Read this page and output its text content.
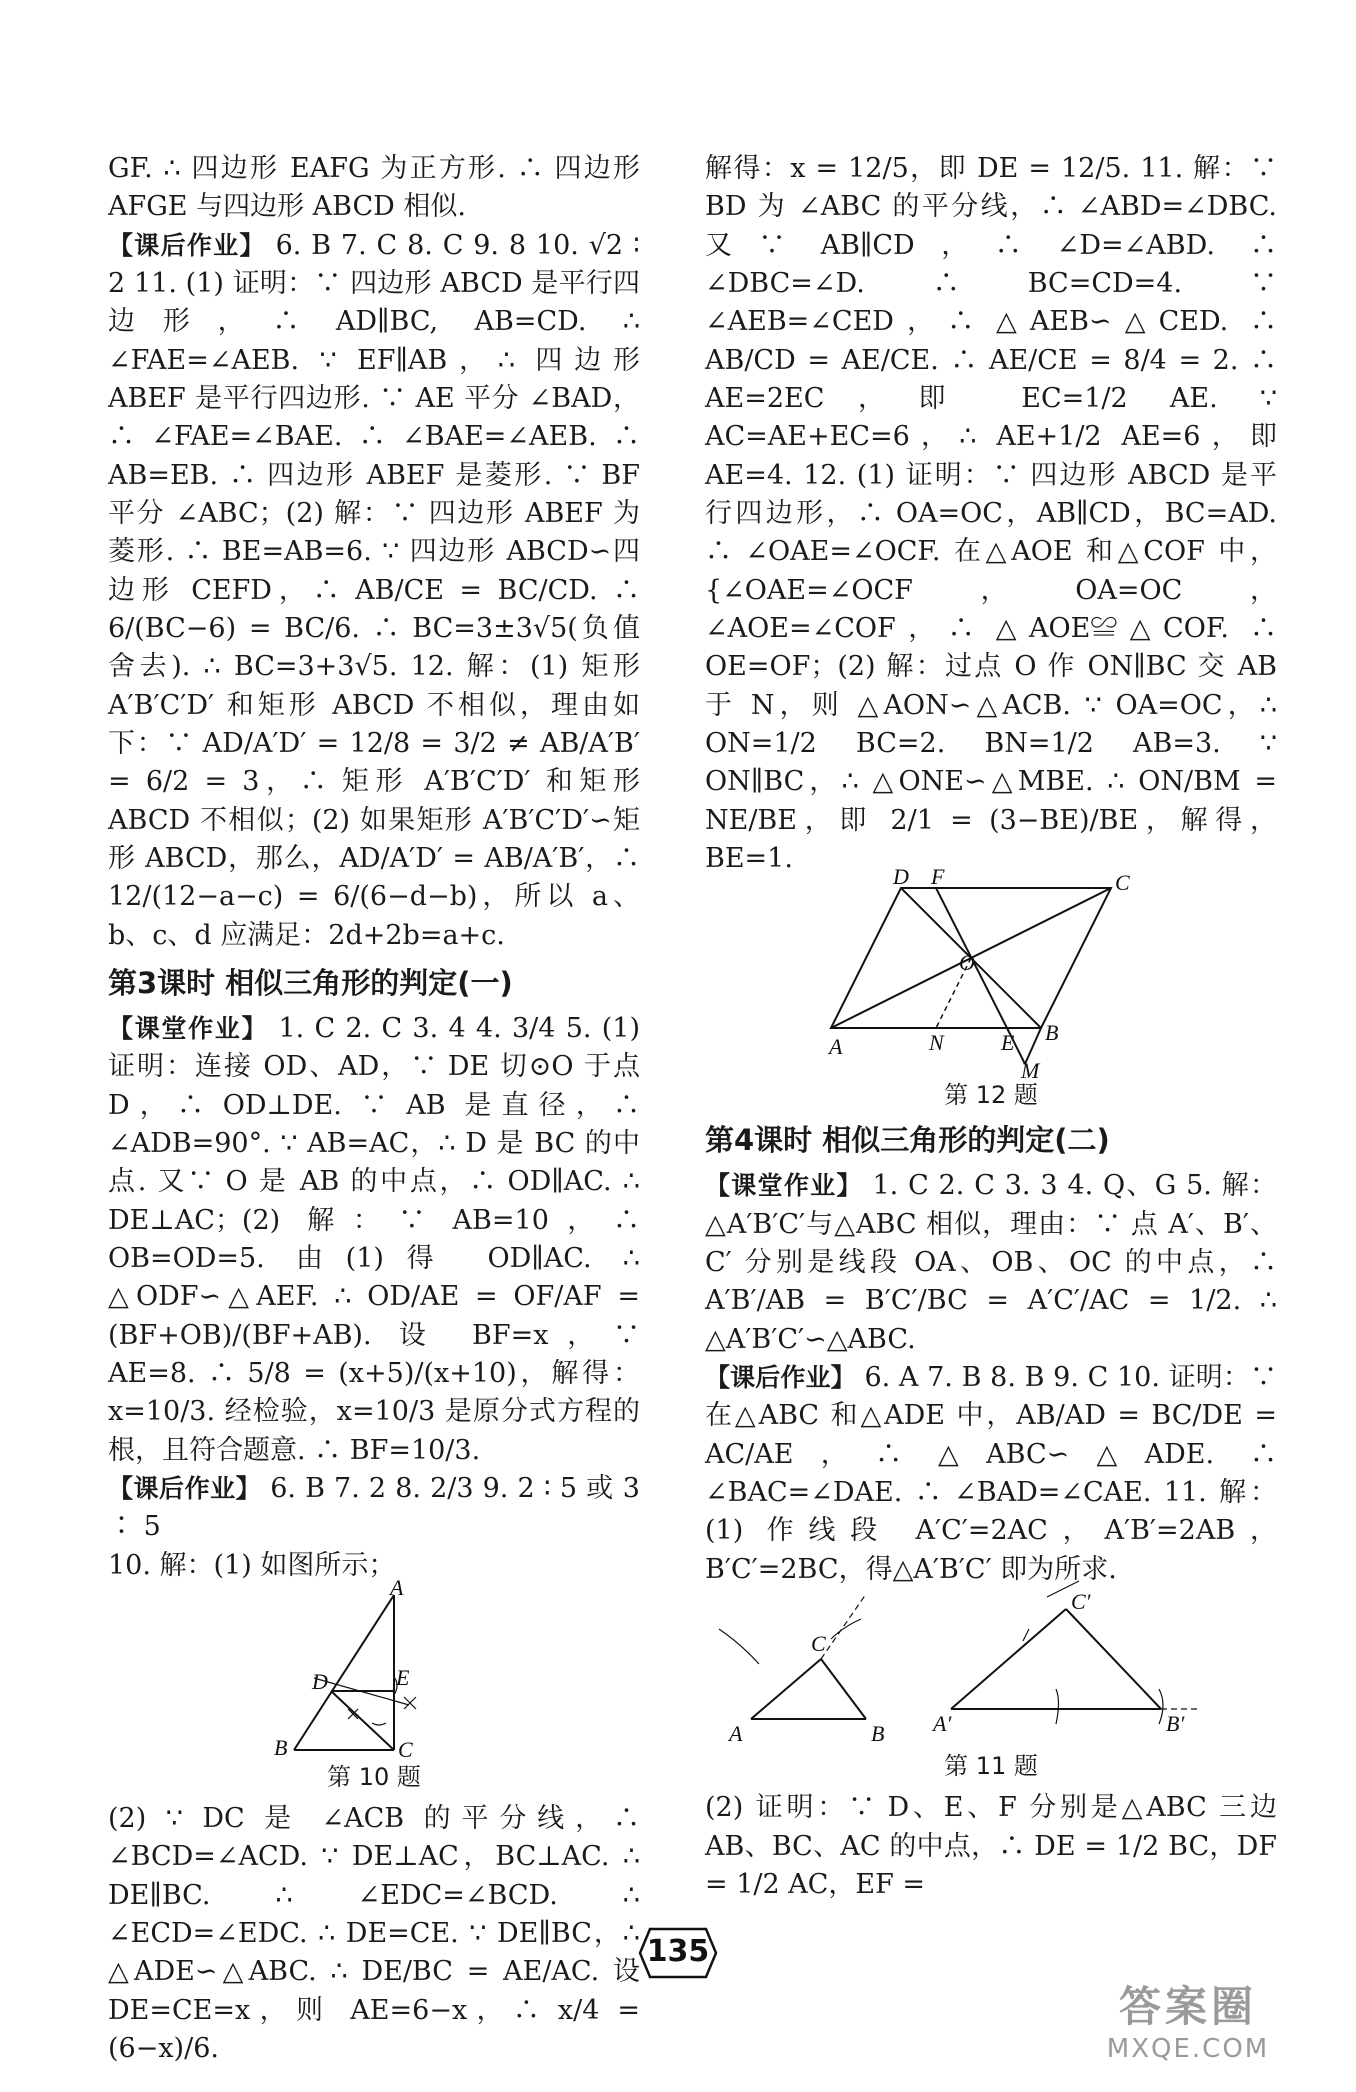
GF. ∴ 四边形 EAFG 为正方形. ∴ 四边形 AFGE 与四边形 ABCD 相似.

【课后作业】 6. B 7. C 8. C 9. 8 10. √2 ∶ 2 11. (1) 证明：∵ 四边形 ABCD 是平行四边形，∴ AD∥BC, AB=CD. ∴ ∠FAE=∠AEB. ∵ EF∥AB，∴ 四边形 ABEF 是平行四边形. ∵ AE 平分 ∠BAD，∴ ∠FAE=∠BAE. ∴ ∠BAE=∠AEB. ∴ AB=EB. ∴ 四边形 ABEF 是菱形. ∵ BF 平分 ∠ABC；(2) 解：∵ 四边形 ABEF 为菱形. ∴ BE=AB=6. ∵ 四边形 ABCD∽四边形 CEFD，∴ AB/CE = BC/CD. ∴ 6/(BC−6) = BC/6. ∴ BC=3±3√5(负值舍去). ∴ BC=3+3√5. 12. 解：(1) 矩形 A′B′C′D′ 和矩形 ABCD 不相似，理由如下：∵ AD/A′D′ = 12/8 = 3/2 ≠ AB/A′B′ = 6/2 = 3，∴ 矩形 A′B′C′D′ 和矩形 ABCD 不相似；(2) 如果矩形 A′B′C′D′∽矩形 ABCD，那么，AD/A′D′ = AB/A′B′，∴ 12/(12−a−c) = 6/(6−d−b)，所以 a、b、c、d 应满足：2d+2b=a+c.

第3课时 相似三角形的判定(一)

【课堂作业】 1. C 2. C 3. 4 4. 3/4 5. (1) 证明：连接 OD、AD，∵ DE 切⊙O 于点 D，∴ OD⊥DE. ∵ AB 是直径，∴ ∠ADB=90°. ∵ AB=AC，∴ D 是 BC 的中点. 又∵ O 是 AB 的中点，∴ OD∥AC. ∴ DE⊥AC；(2) 解：∵ AB=10，∴ OB=OD=5. 由(1)得 OD∥AC. ∴ △ODF∽△AEF. ∴ OD/AE = OF/AF = (BF+OB)/(BF+AB). 设 BF=x，∵ AE=8. ∴ 5/8 = (x+5)/(x+10)，解得：x=10/3. 经检验，x=10/3 是原分式方程的根，且符合题意. ∴ BF=10/3.

【课后作业】 6. B 7. 2 8. 2/3 9. 2 ∶ 5 或 3 ∶ 5

10. 解：(1) 如图所示；

A
D	E
B	C

第 10 题

(2) ∵ DC 是 ∠ACB 的平分线，∴ ∠BCD=∠ACD. ∵ DE⊥AC，BC⊥AC. ∴ DE∥BC. ∴ ∠EDC=∠BCD. ∴ ∠ECD=∠EDC. ∴ DE=CE. ∵ DE∥BC，∴ △ADE∽△ABC. ∴ DE/BC = AE/AC. 设 DE=CE=x，则 AE=6−x，∴ x/4 = (6−x)/6.

解得：x = 12/5，即 DE = 12/5. 11. 解：∵ BD 为 ∠ABC 的平分线，∴ ∠ABD=∠DBC. 又∵ AB∥CD，∴ ∠D=∠ABD. ∴ ∠DBC=∠D. ∴ BC=CD=4. ∵ ∠AEB=∠CED，∴ △AEB∽△CED. ∴ AB/CD = AE/CE. ∴ AE/CE = 8/4 = 2. ∴ AE=2EC，即 EC=1/2 AE. ∵ AC=AE+EC=6，∴ AE+1/2 AE=6，即 AE=4. 12. (1) 证明：∵ 四边形 ABCD 是平行四边形，∴ OA=OC，AB∥CD，BC=AD. ∴ ∠OAE=∠OCF. 在△AOE 和△COF 中，{∠OAE=∠OCF，OA=OC，∠AOE=∠COF，∴ △AOE≌△COF. ∴ OE=OF；(2) 解：过点 O 作 ON∥BC 交 AB 于 N，则 △AON∽△ACB. ∵ OA=OC，∴ ON=1/2 BC=2. BN=1/2 AB=3. ∵ ON∥BC，∴ △ONE∽△MBE. ∴ ON/BM = NE/BE，即 2/1 = (3−BE)/BE，解得，BE=1.

D F	C
O
A	N	E B
M

第 12 题

第4课时 相似三角形的判定(二)

【课堂作业】 1. C 2. C 3. 3 4. Q、G 5. 解：△A′B′C′与△ABC 相似，理由：∵ 点 A′、B′、C′ 分别是线段 OA、OB、OC 的中点，∴ A′B′/AB = B′C′/BC = A′C′/AC = 1/2. ∴ △A′B′C′∽△ABC.

【课后作业】 6. A 7. B 8. B 9. C 10. 证明：∵ 在△ABC 和△ADE 中，AB/AD = BC/DE = AC/AE，∴ △ABC∽△ADE. ∴ ∠BAC=∠DAE. ∴ ∠BAD=∠CAE. 11. 解：(1) 作线段 A′C′=2AC，A′B′=2AB，B′C′=2BC，得△A′B′C′ 即为所求.

C
A	B
C′
A′	B′

第 11 题

(2) 证明：∵ D、E、F 分别是△ABC 三边 AB、BC、AC 的中点，∴ DE = 1/2 BC，DF = 1/2 AC，EF =

135
答案圈
MXQE.COM
